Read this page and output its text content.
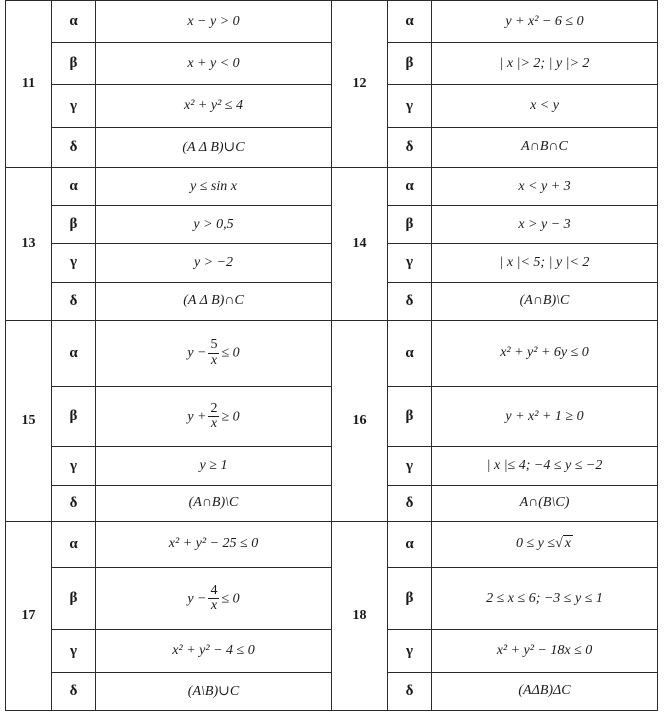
11	α	x − y > 0	12	α	y + x² − 6 ≤ 0
	β	x + y < 0		β	| x |> 2; | y |> 2
	γ	x² + y² ≤ 4		γ	x < y
	δ	(A Δ B)∪C		δ	A∩B∩C
13	α	y ≤ sin x	14	α	x < y + 3
	β	y > 0,5		β	x > y − 3
	γ	y > −2		γ	| x |< 5; | y |< 2
	δ	(A Δ B)∩C		δ	(A∩B)\C
15	α	$y - \frac{5}{x} \le 0$	16	α	x² + y² + 6y ≤ 0
	β	$y + \frac{2}{x} \ge 0$		β	y + x² + 1 ≥ 0
	γ	y ≥ 1		γ	| x |≤ 4; −4 ≤ y ≤ −2
	δ	(A∩B)\C		δ	A∩(B\C)
17	α	x² + y² − 25 ≤ 0	18	α	0 ≤ y ≤√ x
	β	$y - \frac{4}{x} \le 0$		β	2 ≤ x ≤ 6; −3 ≤ y ≤ 1
	γ	x² + y² − 4 ≤ 0		γ	x² + y² − 18x ≤ 0
	δ	(A\B)∪C		δ	(AΔB)ΔC
